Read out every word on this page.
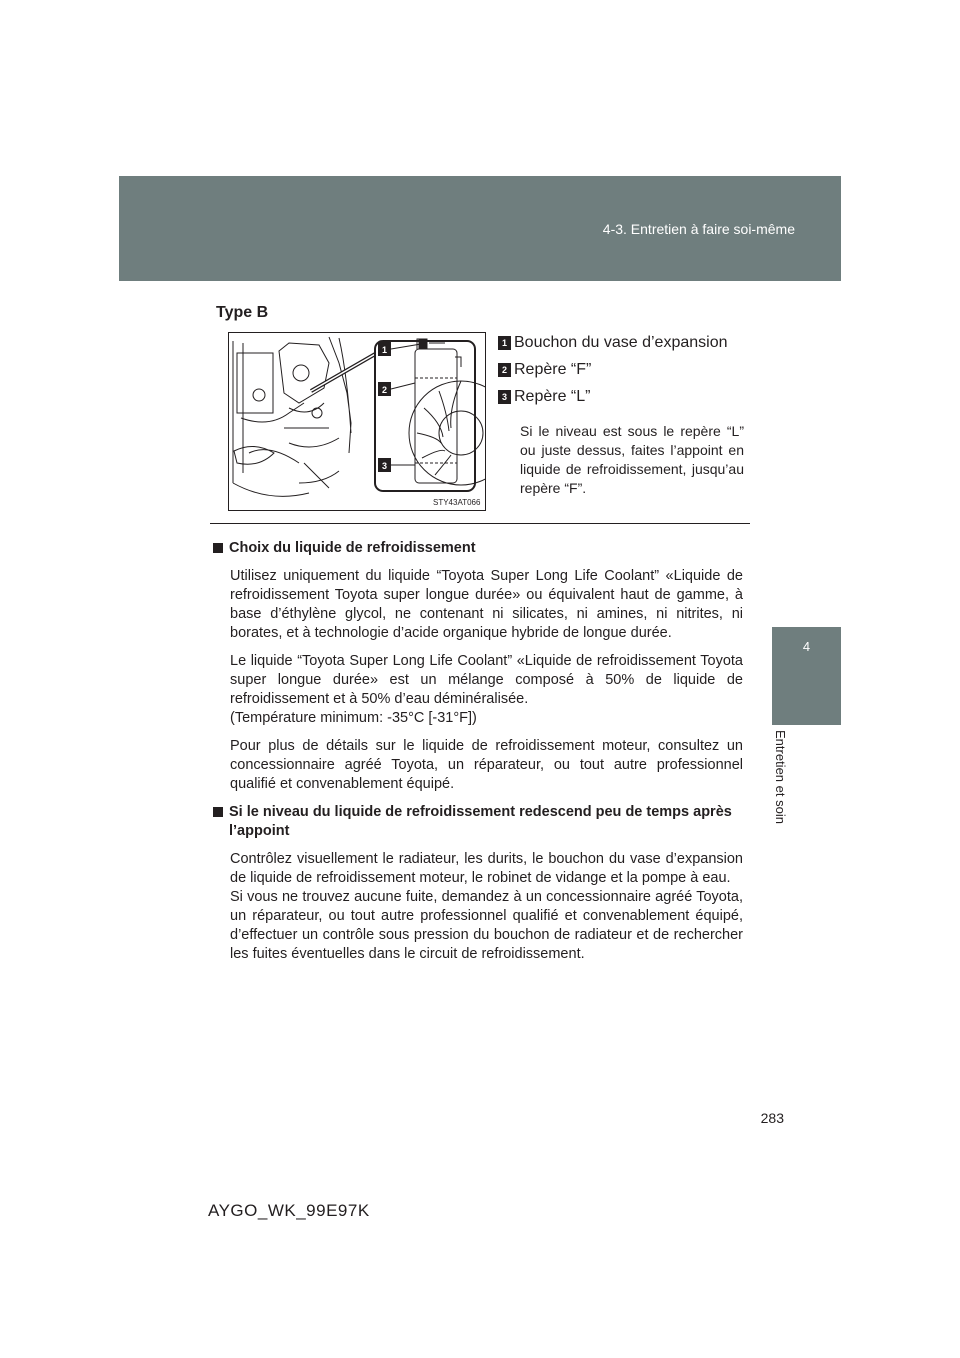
4-3. Entretien à faire soi-même
4
Entretien et soin
Type B
1
2
3
STY43AT066
1 Bouchon du vase d’expansion
2 Repère “F”
3 Repère “L”
Si le niveau est sous le repère “L” ou juste dessus, faites l’appoint en liquide de refroidissement, jusqu’au repère “F”.
Choix du liquide de refroidissement
Utilisez uniquement du liquide “Toyota Super Long Life Coolant” «Liquide de refroidissement Toyota super longue durée» ou équivalent haut de gamme, à base d’éthylène glycol, ne contenant ni silicates, ni amines, ni nitrites, ni borates, et à technologie d’acide organique hybride de longue durée.
Le liquide “Toyota Super Long Life Coolant” «Liquide de refroidissement Toyota super longue durée» est un mélange composé à 50% de liquide de refroidissement et à 50% d’eau déminéralisée.
(Température minimum: -35°C [-31°F])
Pour plus de détails sur le liquide de refroidissement moteur, consultez un concessionnaire agréé Toyota, un réparateur, ou tout autre professionnel qualifié et convenablement équipé.
Si le niveau du liquide de refroidissement redescend peu de temps après l’appoint
Contrôlez visuellement le radiateur, les durits, le bouchon du vase d’expansion de liquide de refroidissement moteur, le robinet de vidange et la pompe à eau.
Si vous ne trouvez aucune fuite, demandez à un concessionnaire agréé Toyota, un réparateur, ou tout autre professionnel qualifié et convenablement équipé, d’effectuer un contrôle sous pression du bouchon de radiateur et de rechercher les fuites éventuelles dans le circuit de refroidissement.
283
AYGO_WK_99E97K
